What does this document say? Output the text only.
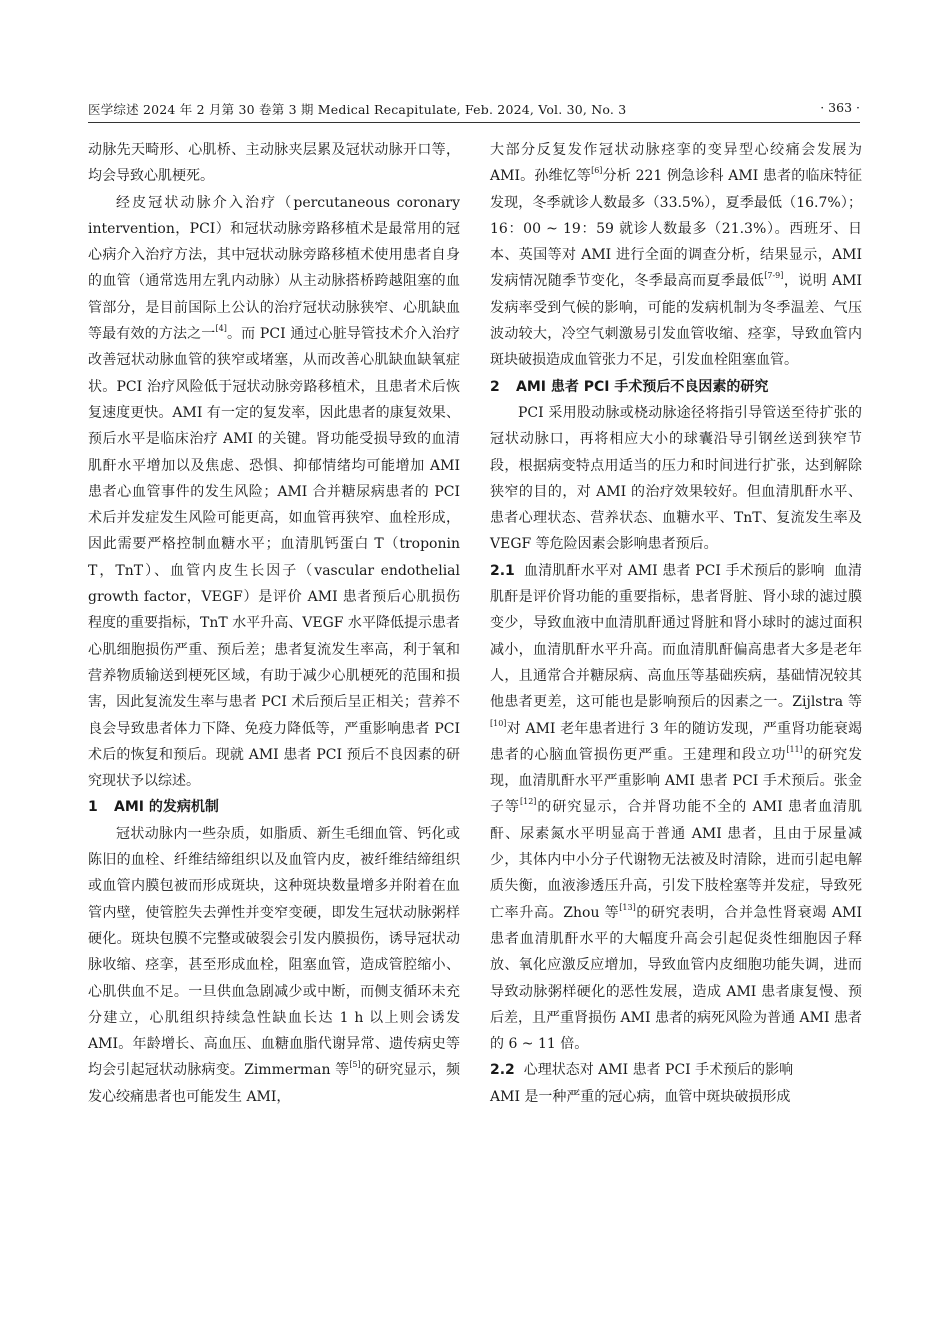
医学综述 2024 年 2 月第 30 卷第 3 期 Medical Recapitulate, Feb. 2024, Vol. 30, No. 3	· 363 ·

动脉先天畸形、心肌桥、主动脉夹层累及冠状动脉开口等，均会导致心肌梗死。

经皮冠状动脉介入治疗（percutaneous coronary intervention，PCI）和冠状动脉旁路移植术是最常用的冠心病介入治疗方法，其中冠状动脉旁路移植术使用患者自身的血管（通常选用左乳内动脉）从主动脉搭桥跨越阻塞的血管部分，是目前国际上公认的治疗冠状动脉狭窄、心肌缺血等最有效的方法之一[4]。而 PCI 通过心脏导管技术介入治疗改善冠状动脉血管的狭窄或堵塞，从而改善心肌缺血缺氧症状。PCI 治疗风险低于冠状动脉旁路移植术，且患者术后恢复速度更快。AMI 有一定的复发率，因此患者的康复效果、预后水平是临床治疗 AMI 的关键。肾功能受损导致的血清肌酐水平增加以及焦虑、恐惧、抑郁情绪均可能增加 AMI 患者心血管事件的发生风险；AMI 合并糖尿病患者的 PCI 术后并发症发生风险可能更高，如血管再狭窄、血栓形成，因此需要严格控制血糖水平；血清肌钙蛋白 T（troponin T，TnT）、血管内皮生长因子（vascular endothelial growth factor，VEGF）是评价 AMI 患者预后心肌损伤程度的重要指标，TnT 水平升高、VEGF 水平降低提示患者心肌细胞损伤严重、预后差；患者复流发生率高，利于氧和营养物质输送到梗死区域，有助于减少心肌梗死的范围和损害，因此复流发生率与患者 PCI 术后预后呈正相关；营养不良会导致患者体力下降、免疫力降低等，严重影响患者 PCI 术后的恢复和预后。现就 AMI 患者 PCI 预后不良因素的研究现状予以综述。

1 AMI 的发病机制

冠状动脉内一些杂质，如脂质、新生毛细血管、钙化或陈旧的血栓、纤维结缔组织以及血管内皮，被纤维结缔组织或血管内膜包被而形成斑块，这种斑块数量增多并附着在血管内壁，使管腔失去弹性并变窄变硬，即发生冠状动脉粥样硬化。斑块包膜不完整或破裂会引发内膜损伤，诱导冠状动脉收缩、痉挛，甚至形成血栓，阻塞血管，造成管腔缩小、心肌供血不足。一旦供血急剧减少或中断，而侧支循环未充分建立，心肌组织持续急性缺血长达 1 h 以上则会诱发 AMI。年龄增长、高血压、血糖血脂代谢异常、遗传病史等均会引起冠状动脉病变。Zimmerman 等[5]的研究显示，频发心绞痛患者也可能发生 AMI，

大部分反复发作冠状动脉痉挛的变异型心绞痛会发展为 AMI。孙维忆等[6]分析 221 例急诊科 AMI 患者的临床特征发现，冬季就诊人数最多（33.5%），夏季最低（16.7%）；16：00 ~ 19：59 就诊人数最多（21.3%）。西班牙、日本、英国等对 AMI 进行全面的调查分析，结果显示，AMI 发病情况随季节变化，冬季最高而夏季最低[7-9]，说明 AMI 发病率受到气候的影响，可能的发病机制为冬季温差、气压波动较大，冷空气刺激易引发血管收缩、痉挛，导致血管内斑块破损造成血管张力不足，引发血栓阻塞血管。

2 AMI 患者 PCI 手术预后不良因素的研究

PCI 采用股动脉或桡动脉途径将指引导管送至待扩张的冠状动脉口，再将相应大小的球囊沿导引钢丝送到狭窄节段，根据病变特点用适当的压力和时间进行扩张，达到解除狭窄的目的，对 AMI 的治疗效果较好。但血清肌酐水平、患者心理状态、营养状态、血糖水平、TnT、复流发生率及 VEGF 等危险因素会影响患者预后。

2.1 血清肌酐水平对 AMI 患者 PCI 手术预后的影响 血清肌酐是评价肾功能的重要指标，患者肾脏、肾小球的滤过膜变少，导致血液中血清肌酐通过肾脏和肾小球时的滤过面积减小，血清肌酐水平升高。而血清肌酐偏高患者大多是老年人，且通常合并糖尿病、高血压等基础疾病，基础情况较其他患者更差，这可能也是影响预后的因素之一。Zijlstra 等[10]对 AMI 老年患者进行 3 年的随访发现，严重肾功能衰竭患者的心脑血管损伤更严重。王建理和段立功[11]的研究发现，血清肌酐水平严重影响 AMI 患者 PCI 手术预后。张金子等[12]的研究显示，合并肾功能不全的 AMI 患者血清肌酐、尿素氮水平明显高于普通 AMI 患者，且由于尿量减少，其体内中小分子代谢物无法被及时清除，进而引起电解质失衡，血液渗透压升高，引发下肢栓塞等并发症，导致死亡率升高。Zhou 等[13]的研究表明，合并急性肾衰竭 AMI 患者血清肌酐水平的大幅度升高会引起促炎性细胞因子释放、氧化应激反应增加，导致血管内皮细胞功能失调，进而导致动脉粥样硬化的恶性发展，造成 AMI 患者康复慢、预后差，且严重肾损伤 AMI 患者的病死风险为普通 AMI 患者的 6 ~ 11 倍。

2.2 心理状态对 AMI 患者 PCI 手术预后的影响

AMI 是一种严重的冠心病，血管中斑块破损形成
